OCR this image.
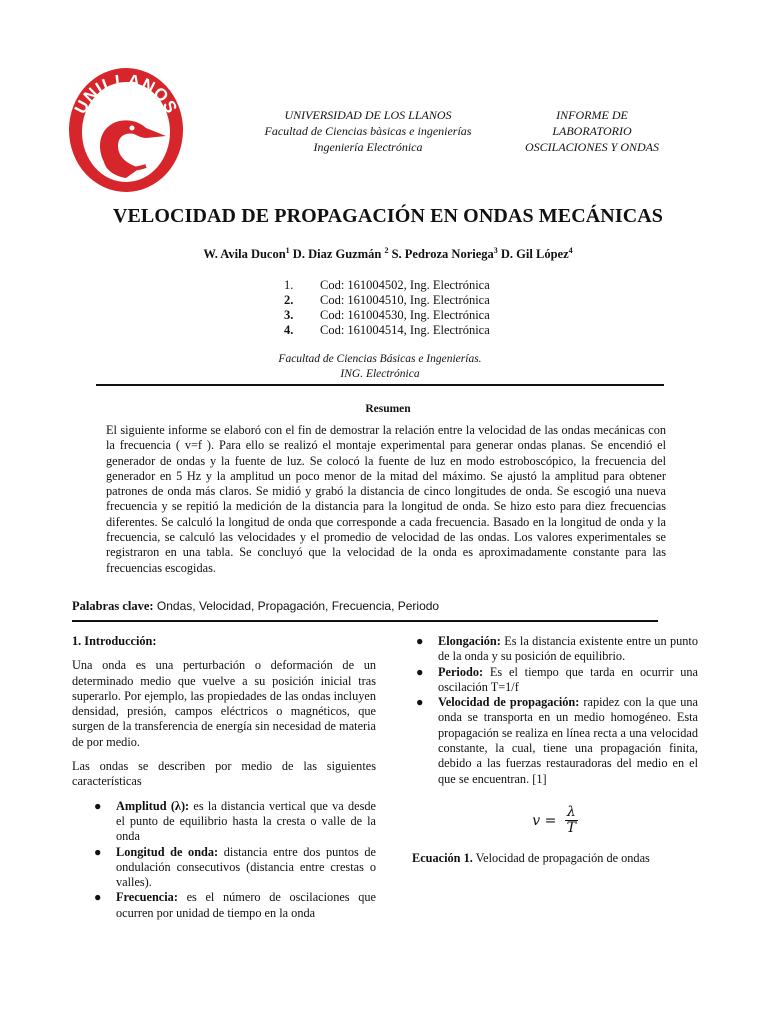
UNILLANOS	UNIVERSIDAD DE LOS LLANOS
Facultad de Ciencias bàsicas e ingenierías
Ingeniería Electrónica
INFORME DE
LABORATORIO
OSCILACIONES Y ONDAS
VELOCIDAD DE PROPAGACIÓN EN ONDAS MECÁNICAS
W. Avila Ducon$^1$ D. Diaz Guzmán $^2$ S. Pedroza Noriega$^3$ D. Gil López$^4$
1.	Cod: 161004502, Ing. Electrónica
2.	Cod: 161004510, Ing. Electrónica
3.	Cod: 161004530, Ing. Electrónica
4.	Cod: 161004514, Ing. Electrónica
Facultad de Ciencias Básicas e Ingenierías.
ING. Electrónica
Resumen
El siguiente informe se elaboró con el fin de demostrar la relación entre la velocidad de las ondas mecánicas con la frecuencia ( v=f ). Para ello se realizó el montaje experimental para generar ondas planas. Se encendió el generador de ondas y la fuente de luz. Se colocó la fuente de luz en modo estroboscópico, la frecuencia del generador en 5 Hz y la amplitud un poco menor de la mitad del máximo. Se ajustó la amplitud para obtener patrones de onda más claros. Se midió y grabó la distancia de cinco longitudes de onda. Se escogió una nueva frecuencia y se repitió la medición de la distancia para la longitud de onda. Se hizo esto para diez frecuencias diferentes. Se calculó la longitud de onda que corresponde a cada frecuencia. Basado en la longitud de onda y la frecuencia, se calculó las velocidades y el promedio de velocidad de las ondas. Los valores experimentales se registraron en una tabla. Se concluyó que la velocidad de la onda es aproximadamente constante para las frecuencias escogidas.
Palabras clave: Ondas, Velocidad, Propagación, Frecuencia, Periodo
1. Introducción:
Una onda es una perturbación o deformación de un determinado medio que vuelve a su posición inicial tras superarlo. Por ejemplo, las propiedades de las ondas incluyen densidad, presión, campos eléctricos o magnéticos, que surgen de la transferencia de energía sin necesidad de materia de por medio.
Las ondas se describen por medio de las siguientes características
● Amplitud (λ): es la distancia vertical que va desde el punto de equilibrio hasta la cresta o valle de la onda
● Longitud de onda: distancia entre dos puntos de ondulación consecutivos (distancia entre crestas o valles).
● Frecuencia: es el número de oscilaciones que ocurren por unidad de tiempo en la onda
● Elongación: Es la distancia existente entre un punto de la onda y su posición de equilibrio.
● Periodo: Es el tiempo que tarda en ocurrir una oscilación T=1/f
● Velocidad de propagación: rapidez con la que una onda se transporta en un medio homogéneo. Esta propagación se realiza en línea recta a una velocidad constante, la cual, tiene una propagación finita, debido a las fuerzas restauradoras del medio en el que se encuentran. [1]
$v = \frac{\lambda}{T}$
Ecuación 1. Velocidad de propagación de ondas
